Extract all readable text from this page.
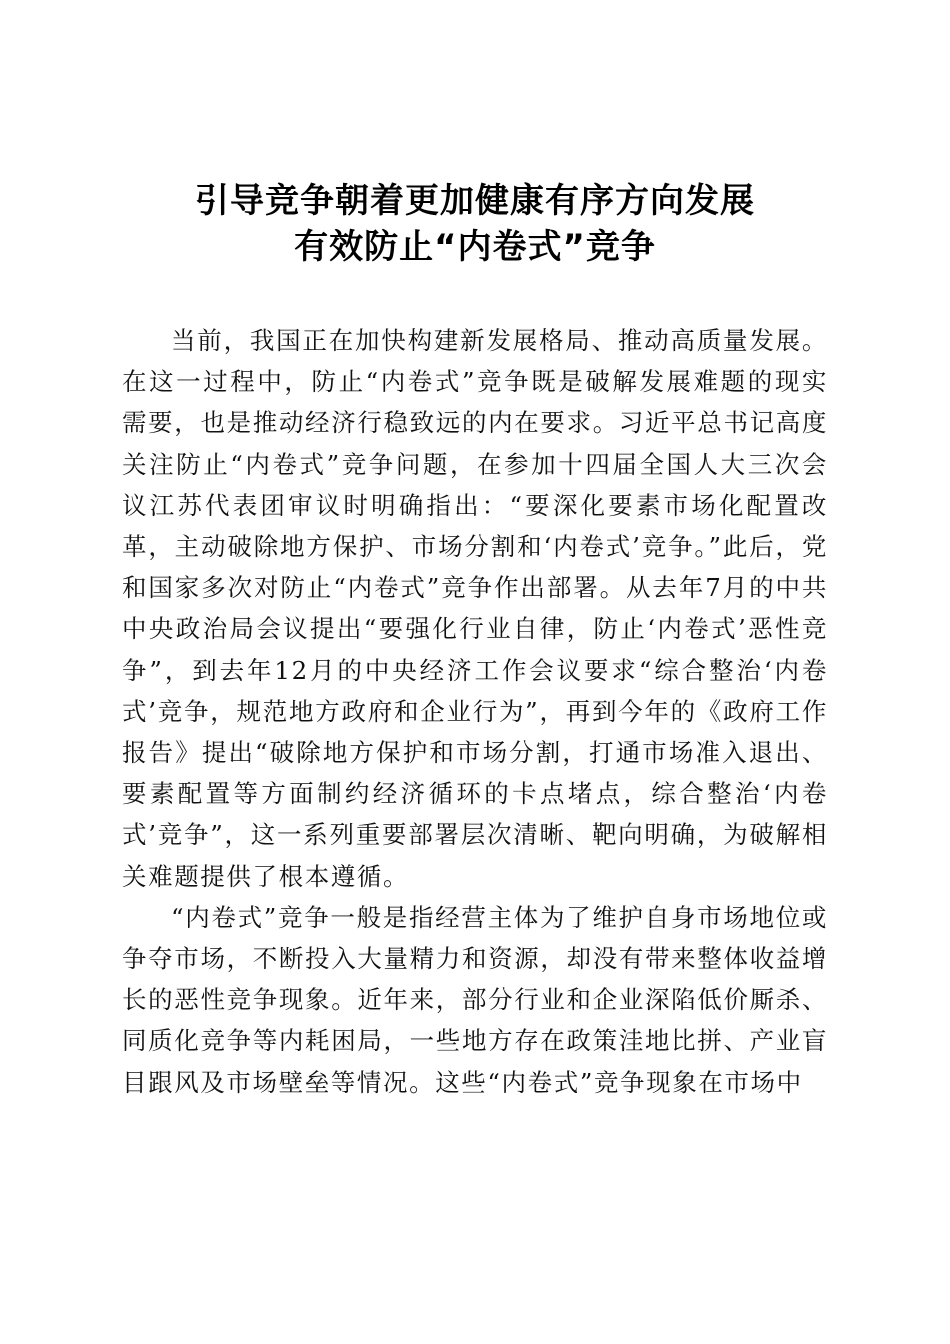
引导竞争朝着更加健康有序方向发展
有效防止“内卷式”竞争

当前，我国正在加快构建新发展格局、推动高质量发展。在这一过程中，防止“内卷式”竞争既是破解发展难题的现实需要，也是推动经济行稳致远的内在要求。习近平总书记高度关注防止“内卷式”竞争问题，在参加十四届全国人大三次会议江苏代表团审议时明确指出：“要深化要素市场化配置改革，主动破除地方保护、市场分割和‘内卷式’竞争。”此后，党和国家多次对防止“内卷式”竞争作出部署。从去年7月的中共中央政治局会议提出“要强化行业自律，防止‘内卷式’恶性竞争”，到去年12月的中央经济工作会议要求“综合整治‘内卷式’竞争，规范地方政府和企业行为”，再到今年的《政府工作报告》提出“破除地方保护和市场分割，打通市场准入退出、要素配置等方面制约经济循环的卡点堵点，综合整治‘内卷式’竞争”，这一系列重要部署层次清晰、靶向明确，为破解相关难题提供了根本遵循。

“内卷式”竞争一般是指经营主体为了维护自身市场地位或争夺市场，不断投入大量精力和资源，却没有带来整体收益增长的恶性竞争现象。近年来，部分行业和企业深陷低价厮杀、同质化竞争等内耗困局，一些地方存在政策洼地比拼、产业盲目跟风及市场壁垒等情况。这些“内卷式”竞争现象在市场中
